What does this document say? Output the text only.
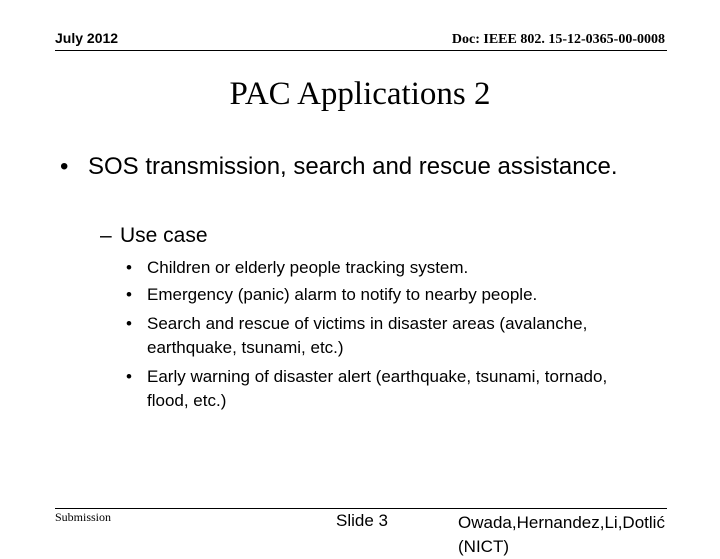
July 2012	Doc: IEEE 802. 15-12-0365-00-0008
PAC Applications 2
• SOS transmission, search and rescue assistance.
– Use case
• Children or elderly people tracking system.
• Emergency (panic) alarm to notify to nearby people.
• Search and rescue of victims in disaster areas (avalanche, earthquake, tsunami, etc.)
• Early warning of disaster alert (earthquake, tsunami, tornado, flood, etc.)
Submission	Slide 3	Owada,Hernandez,Li,Dotlić (NICT)
